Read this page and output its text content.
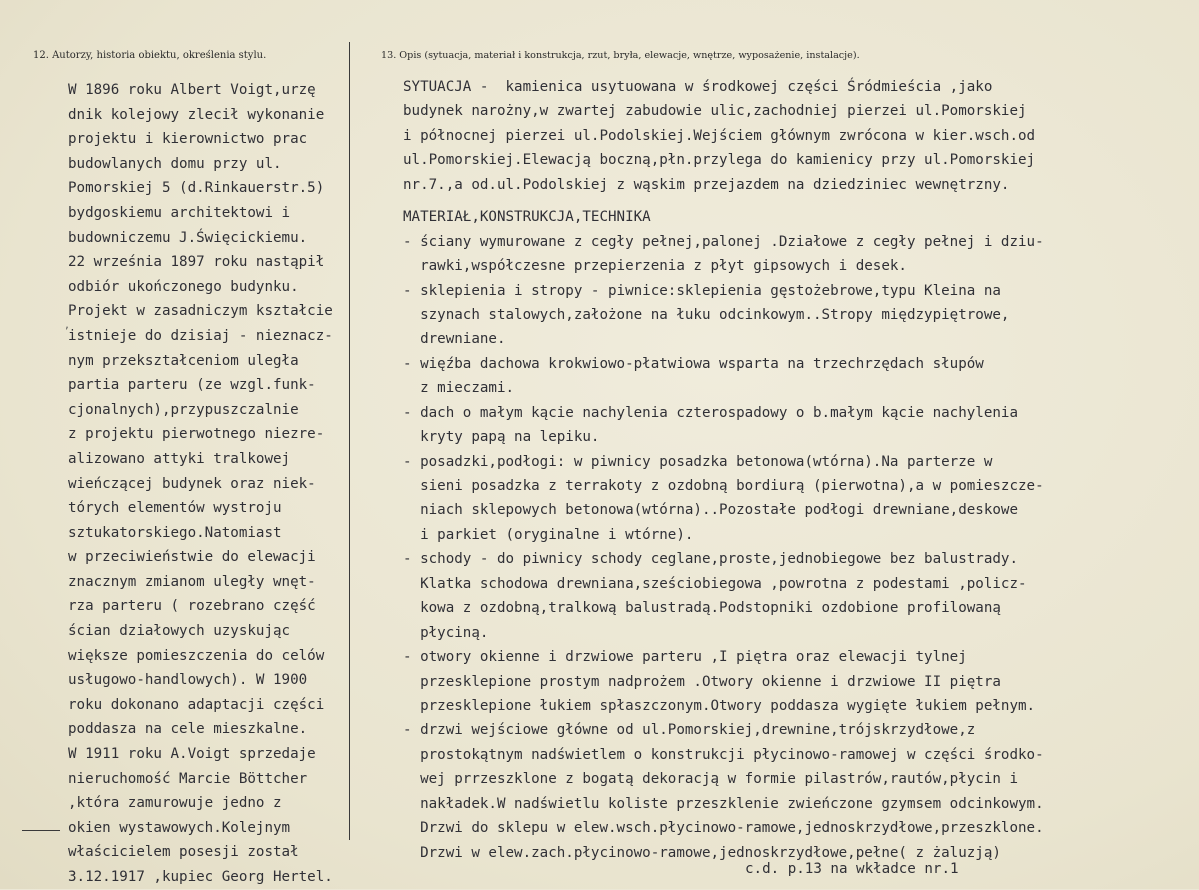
12. Autorzy, historia obiektu, określenia stylu.	13. Opis (sytuacja, materiał i konstrukcja, rzut, bryła, elewacje, wnętrze, wyposażenie, instalacje).
,
W 1896 roku Albert Voigt,urzę
dnik kolejowy zlecił wykonanie
projektu i kierownictwo prac
budowlanych domu przy ul.
Pomorskiej 5 (d.Rinkauerstr.5)
bydgoskiemu architektowi i
budowniczemu J.Święcickiemu.
22 września 1897 roku nastąpił
odbiór ukończonego budynku.
Projekt w zasadniczym kształcie
istnieje do dzisiaj - nieznacz-
nym przekształceniom uległa
partia parteru (ze wzgl.funk-
cjonalnych),przypuszczalnie
z projektu pierwotnego niezre-
alizowano attyki tralkowej
wieńczącej budynek oraz niek-
tórych elementów wystroju
sztukatorskiego.Natomiast
w przeciwieństwie do elewacji
znacznym zmianom uległy wnęt-
rza parteru ( rozebrano część
ścian działowych uzyskując
większe pomieszczenia do celów
usługowo-handlowych). W 1900
roku dokonano adaptacji części
poddasza na cele mieszkalne.
W 1911 roku A.Voigt sprzedaje
nieruchomość Marcie Böttcher
,która zamurowuje jedno z
okien wystawowych.Kolejnym
właścicielem posesji został
3.12.1917 ,kupiec Georg Hertel.
SYTUACJA -  kamienica usytuowana w środkowej części Śródmieścia ,jako
budynek narożny,w zwartej zabudowie ulic,zachodniej pierzei ul.Pomorskiej
i północnej pierzei ul.Podolskiej.Wejściem głównym zwrócona w kier.wsch.od
ul.Pomorskiej.Elewacją boczną,płn.przylega do kamienicy przy ul.Pomorskiej
nr.7.,a od.ul.Podolskiej z wąskim przejazdem na dziedziniec wewnętrzny.
MATERIAŁ,KONSTRUKCJA,TECHNIKA
- ściany wymurowane z cegły pełnej,palonej .Działowe z cegły pełnej i dziu-
rawki,współczesne przepierzenia z płyt gipsowych i desek.
- sklepienia i stropy - piwnice:sklepienia gęstożebrowe,typu Kleina na
szynach stalowych,założone na łuku odcinkowym..Stropy międzypiętrowe,
drewniane.
- więźba dachowa krokwiowo-płatwiowa wsparta na trzechrzędach słupów
z mieczami.
- dach o małym kącie nachylenia czterospadowy o b.małym kącie nachylenia
kryty papą na lepiku.
- posadzki,podłogi: w piwnicy posadzka betonowa(wtórna).Na parterze w
sieni posadzka z terrakoty z ozdobną bordiurą (pierwotna),a w pomieszcze-
niach sklepowych betonowa(wtórna)..Pozostałe podłogi drewniane,deskowe
i parkiet (oryginalne i wtórne).
- schody - do piwnicy schody ceglane,proste,jednobiegowe bez balustrady.
Klatka schodowa drewniana,sześciobiegowa ,powrotna z podestami ,policz-
kowa z ozdobną,tralkową balustradą.Podstopniki ozdobione profilowaną
płyciną.
- otwory okienne i drzwiowe parteru ,I piętra oraz elewacji tylnej
przesklepione prostym nadprożem .Otwory okienne i drzwiowe II piętra
przesklepione łukiem spłaszczonym.Otwory poddasza wygięte łukiem pełnym.
- drzwi wejściowe główne od ul.Pomorskiej,drewnine,trójskrzydłowe,z
prostokątnym nadświetlem o konstrukcji płycinowo-ramowej w części środko-
wej prrzeszklone z bogatą dekoracją w formie pilastrów,rautów,płycin i
nakładek.W nadświetlu koliste przeszklenie zwieńczone gzymsem odcinkowym.
Drzwi do sklepu w elew.wsch.płycinowo-ramowe,jednoskrzydłowe,przeszklone.
Drzwi w elew.zach.płycinowo-ramowe,jednoskrzydłowe,pełne( z żaluzją)
c.d. p.13 na wkładce nr.1
